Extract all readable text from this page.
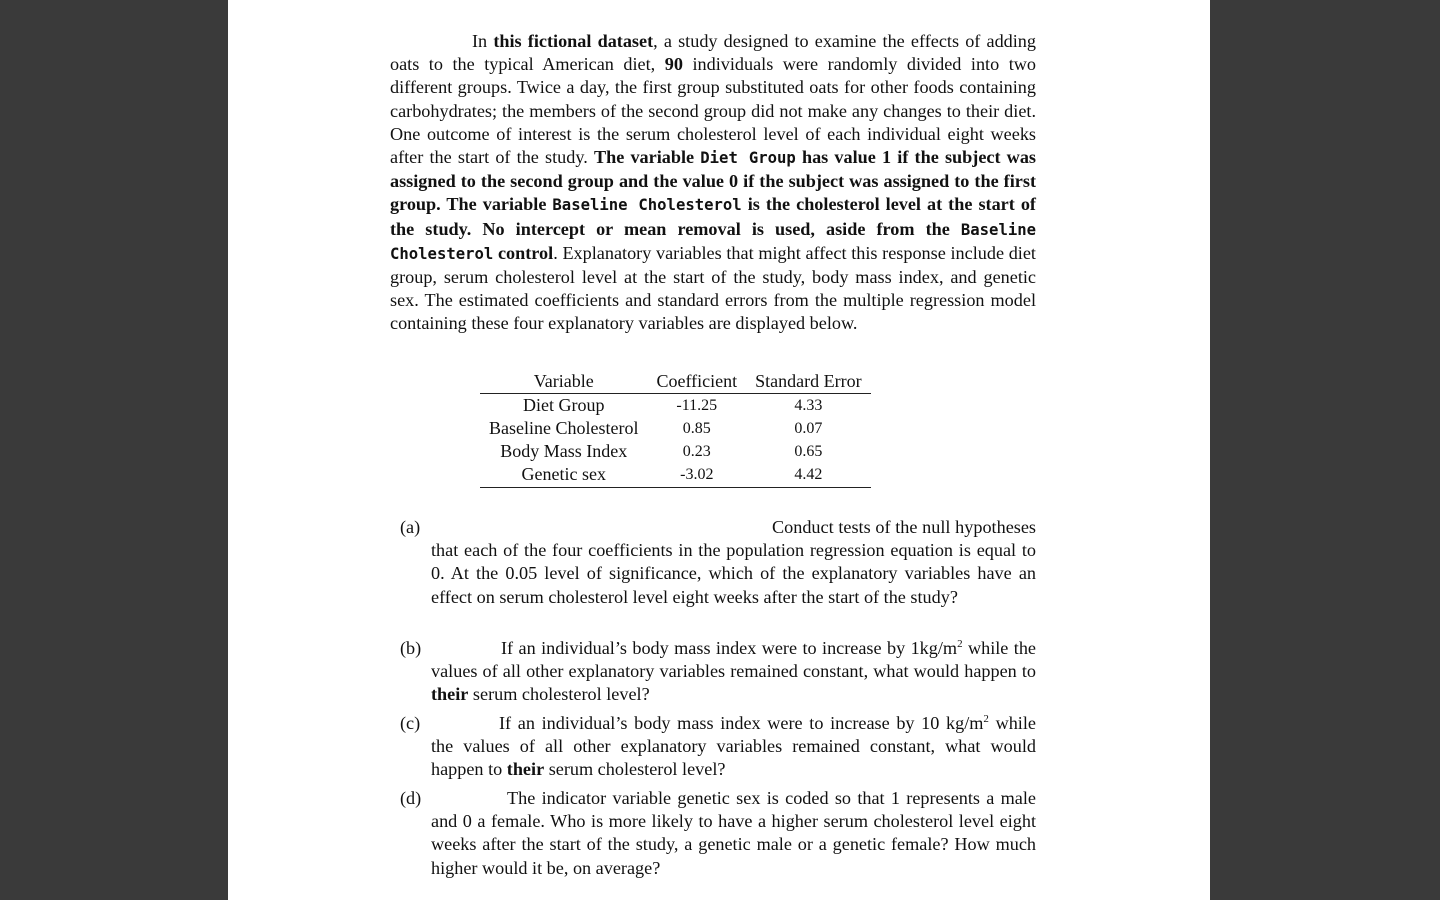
In this fictional dataset, a study designed to examine the effects of adding oats to the typical American diet, 90 individuals were randomly divided into two different groups. Twice a day, the first group substituted oats for other foods containing carbohydrates; the members of the second group did not make any changes to their diet. One outcome of interest is the serum cholesterol level of each individual eight weeks after the start of the study. The variable Diet Group has value 1 if the subject was assigned to the second group and the value 0 if the subject was assigned to the first group. The variable Baseline Cholesterol is the cholesterol level at the start of the study. No intercept or mean removal is used, aside from the Baseline Cholesterol control. Explanatory variables that might affect this response include diet group, serum cholesterol level at the start of the study, body mass index, and genetic sex. The estimated coefficients and standard errors from the multiple regression model containing these four explanatory variables are displayed below.

Variable	Coefficient	Standard Error
Diet Group	-11.25	4.33
Baseline Cholesterol	0.85	0.07
Body Mass Index	0.23	0.65
Genetic sex	-3.02	4.42
(a)	Conduct tests of the null hypotheses that each of the four coefficients in the population regression equation is equal to 0. At the 0.05 level of significance, which of the explanatory variables have an effect on serum cholesterol level eight weeks after the start of the study?
(b)	If an individual’s body mass index were to increase by $1kg/m^2$ while the values of all other explanatory variables remained constant, what would happen to their serum cholesterol level?
(c)	If an individual’s body mass index were to increase by 10 $kg/m^2$ while the values of all other explanatory variables remained constant, what would happen to their serum cholesterol level?
(d)	The indicator variable genetic sex is coded so that 1 represents a male and 0 a female. Who is more likely to have a higher serum cholesterol level eight weeks after the start of the study, a genetic male or a genetic female? How much higher would it be, on average?
